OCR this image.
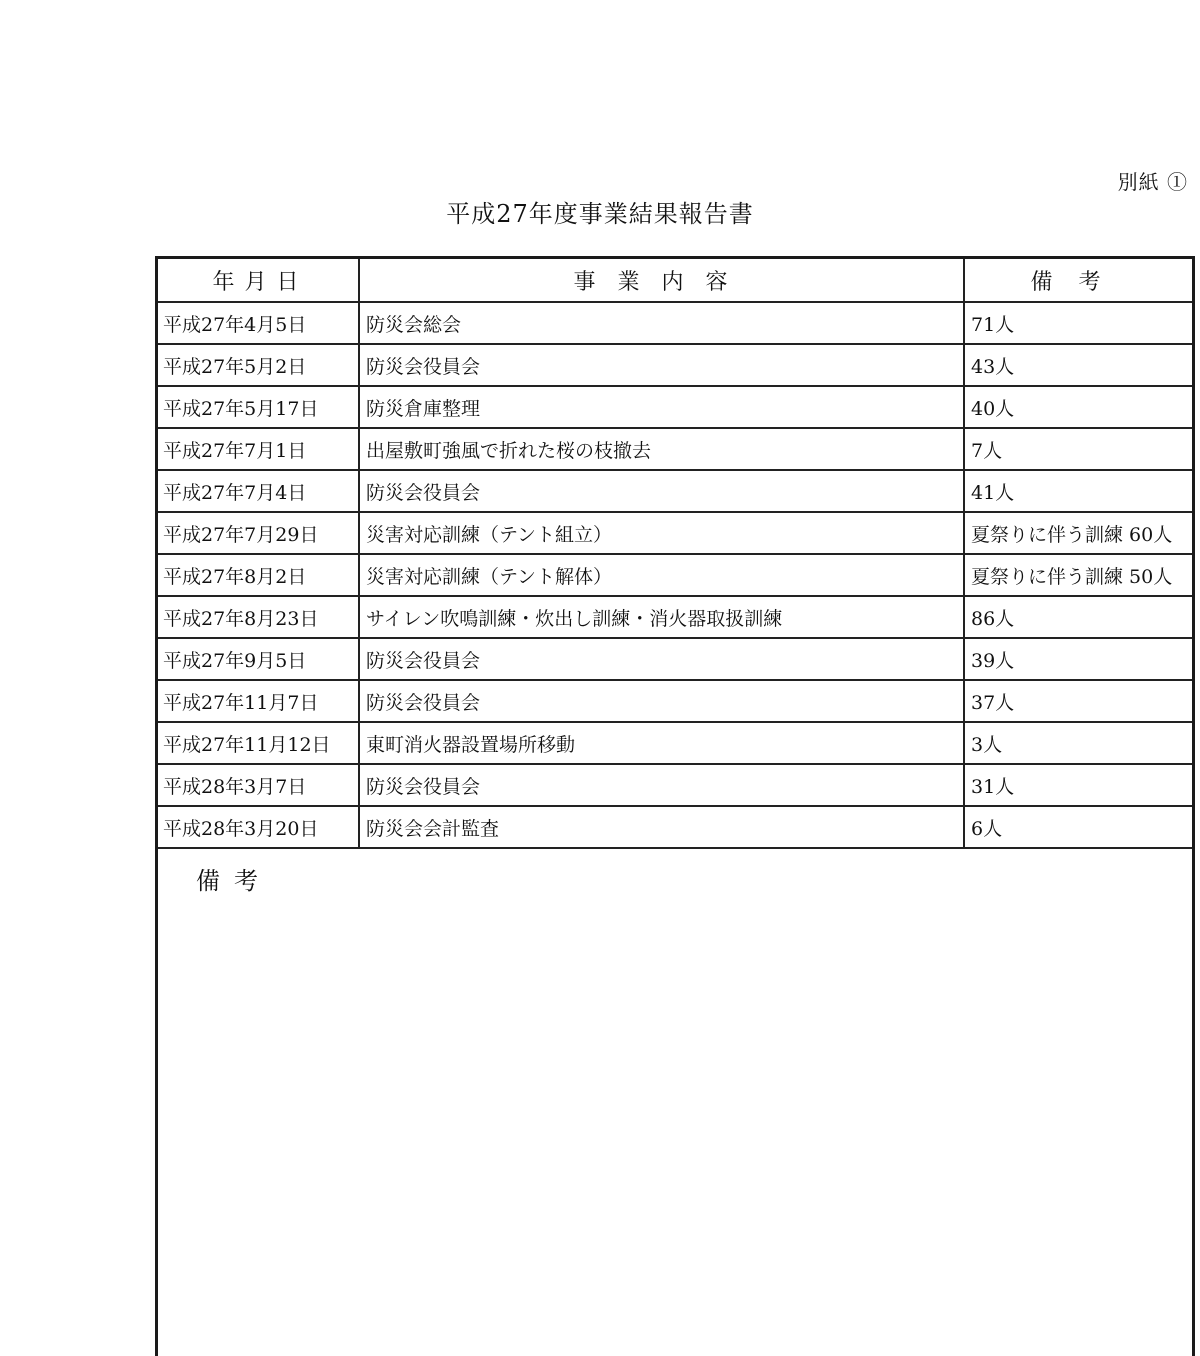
別紙 ①
平成27年度事業結果報告書
年月日	事業内容	備考
平成27年4月5日	防災会総会	71人
平成27年5月2日	防災会役員会	43人
平成27年5月17日	防災倉庫整理	40人
平成27年7月1日	出屋敷町強風で折れた桜の枝撤去	7人
平成27年7月4日	防災会役員会	41人
平成27年7月29日	災害対応訓練（テント組立）	夏祭りに伴う訓練 60人
平成27年8月2日	災害対応訓練（テント解体）	夏祭りに伴う訓練 50人
平成27年8月23日	サイレン吹鳴訓練・炊出し訓練・消火器取扱訓練	86人
平成27年9月5日	防災会役員会	39人
平成27年11月7日	防災会役員会	37人
平成27年11月12日	東町消火器設置場所移動	3人
平成28年3月7日	防災会役員会	31人
平成28年3月20日	防災会会計監査	6人
備考
